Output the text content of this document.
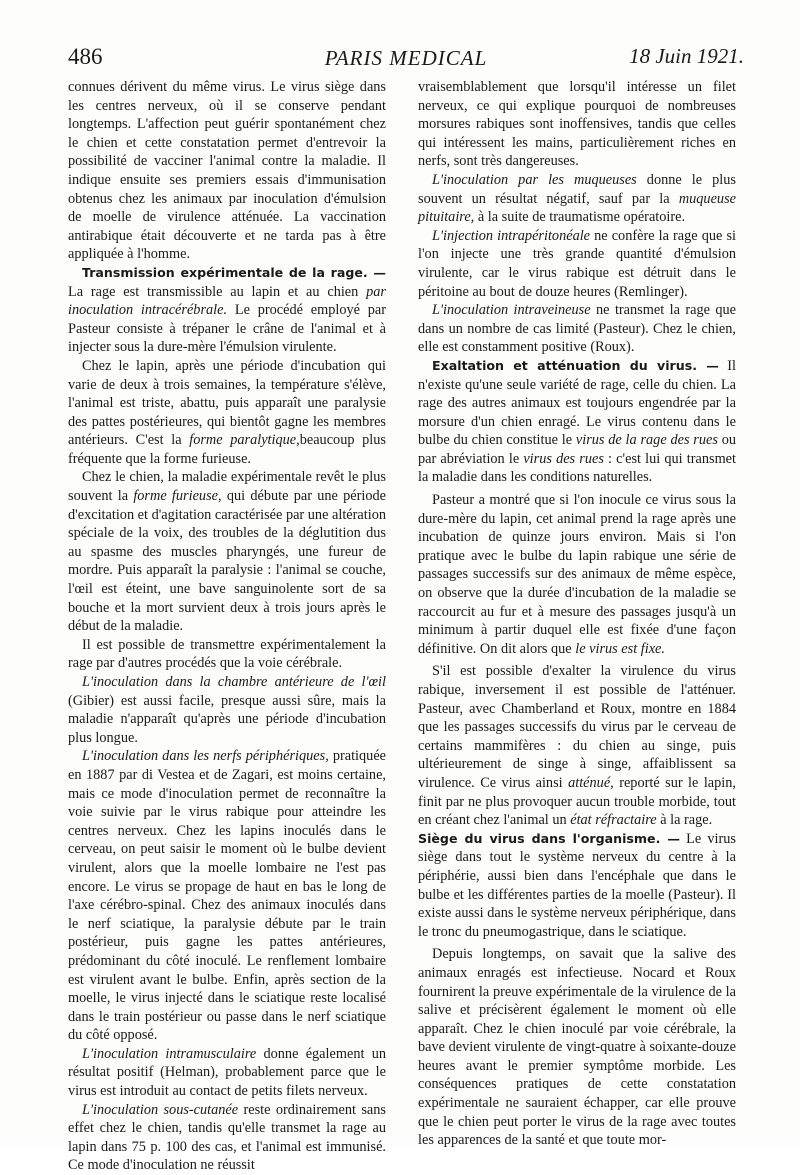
486	PARIS MEDICAL	18 Juin 1921.

connues dérivent du même virus. Le virus siège dans les centres nerveux, où il se conserve pendant longtemps. L'affection peut guérir spontanément chez le chien et cette constatation permet d'entrevoir la possibilité de vacciner l'animal contre la maladie. Il indique ensuite ses premiers essais d'immunisation obtenus chez les animaux par inoculation d'émulsion de moelle de virulence atténuée. La vaccination antirabique était découverte et ne tarda pas à être appliquée à l'homme.

Transmission expérimentale de la rage. — La rage est transmissible au lapin et au chien par inoculation intracérébrale. Le procédé employé par Pasteur consiste à trépaner le crâne de l'animal et à injecter sous la dure-mère l'émulsion virulente.

Chez le lapin, après une période d'incubation qui varie de deux à trois semaines, la température s'élève, l'animal est triste, abattu, puis apparaît une paralysie des pattes postérieures, qui bientôt gagne les membres antérieurs. C'est la forme paralytique,beaucoup plus fréquente que la forme furieuse.

Chez le chien, la maladie expérimentale revêt le plus souvent la forme furieuse, qui débute par une période d'excitation et d'agitation caractérisée par une altération spéciale de la voix, des troubles de la déglutition dus au spasme des muscles pharyngés, une fureur de mordre. Puis apparaît la paralysie : l'animal se couche, l'œil est éteint, une bave sanguinolente sort de sa bouche et la mort survient deux à trois jours après le début de la maladie.

Il est possible de transmettre expérimentalement la rage par d'autres procédés que la voie cérébrale.

L'inoculation dans la chambre antérieure de l'œil (Gibier) est aussi facile, presque aussi sûre, mais la maladie n'apparaît qu'après une période d'incubation plus longue.

L'inoculation dans les nerfs périphériques, pratiquée en 1887 par di Vestea et de Zagari, est moins certaine, mais ce mode d'inoculation permet de reconnaître la voie suivie par le virus rabique pour atteindre les centres nerveux. Chez les lapins inoculés dans le cerveau, on peut saisir le moment où le bulbe devient virulent, alors que la moelle lombaire ne l'est pas encore. Le virus se propage de haut en bas le long de l'axe cérébro-spinal. Chez des animaux inoculés dans le nerf sciatique, la paralysie débute par le train postérieur, puis gagne les pattes antérieures, prédominant du côté inoculé. Le renflement lombaire est virulent avant le bulbe. Enfin, après section de la moelle, le virus injecté dans le sciatique reste localisé dans le train postérieur ou passe dans le nerf sciatique du côté opposé.

L'inoculation intramusculaire donne également un résultat positif (Helman), probablement parce que le virus est introduit au contact de petits filets nerveux.

L'inoculation sous-cutanée reste ordinairement sans effet chez le chien, tandis qu'elle transmet la rage au lapin dans 75 p. 100 des cas, et l'animal est immunisé. Ce mode d'inoculation ne réussit

vraisemblablement que lorsqu'il intéresse un filet nerveux, ce qui explique pourquoi de nombreuses morsures rabiques sont inoffensives, tandis que celles qui intéressent les mains, particulièrement riches en nerfs, sont très dangereuses.

L'inoculation par les muqueuses donne le plus souvent un résultat négatif, sauf par la muqueuse pituitaire, à la suite de traumatisme opératoire.

L'injection intrapéritonéale ne confère la rage que si l'on injecte une très grande quantité d'émulsion virulente, car le virus rabique est détruit dans le péritoine au bout de douze heures (Remlinger).

L'inoculation intraveineuse ne transmet la rage que dans un nombre de cas limité (Pasteur). Chez le chien, elle est constamment positive (Roux).

Exaltation et atténuation du virus. — Il n'existe qu'une seule variété de rage, celle du chien. La rage des autres animaux est toujours engendrée par la morsure d'un chien enragé. Le virus contenu dans le bulbe du chien constitue le virus de la rage des rues ou par abréviation le virus des rues : c'est lui qui transmet la maladie dans les conditions naturelles.

Pasteur a montré que si l'on inocule ce virus sous la dure-mère du lapin, cet animal prend la rage après une incubation de quinze jours environ. Mais si l'on pratique avec le bulbe du lapin rabique une série de passages successifs sur des animaux de même espèce, on observe que la durée d'incubation de la maladie se raccourcit au fur et à mesure des passages jusqu'à un minimum à partir duquel elle est fixée d'une façon définitive. On dit alors que le virus est fixe.

S'il est possible d'exalter la virulence du virus rabique, inversement il est possible de l'atténuer. Pasteur, avec Chamberland et Roux, montre en 1884 que les passages successifs du virus par le cerveau de certains mammifères : du chien au singe, puis ultérieurement de singe à singe, affaiblissent sa virulence. Ce virus ainsi atténué, reporté sur le lapin, finit par ne plus provoquer aucun trouble morbide, tout en créant chez l'animal un état réfractaire à la rage.

Siège du virus dans l'organisme. — Le virus siège dans tout le système nerveux du centre à la périphérie, aussi bien dans l'encéphale que dans le bulbe et les différentes parties de la moelle (Pasteur). Il existe aussi dans le système nerveux périphérique, dans le tronc du pneumogastrique, dans le sciatique.

Depuis longtemps, on savait que la salive des animaux enragés est infectieuse. Nocard et Roux fournirent la preuve expérimentale de la virulence de la salive et précisèrent également le moment où elle apparaît. Chez le chien inoculé par voie cérébrale, la bave devient virulente de vingt-quatre à soixante-douze heures avant le premier symptôme morbide. Les conséquences pratiques de cette constatation expérimentale ne sauraient échapper, car elle prouve que le chien peut porter le virus de la rage avec toutes les apparences de la santé et que toute mor-
